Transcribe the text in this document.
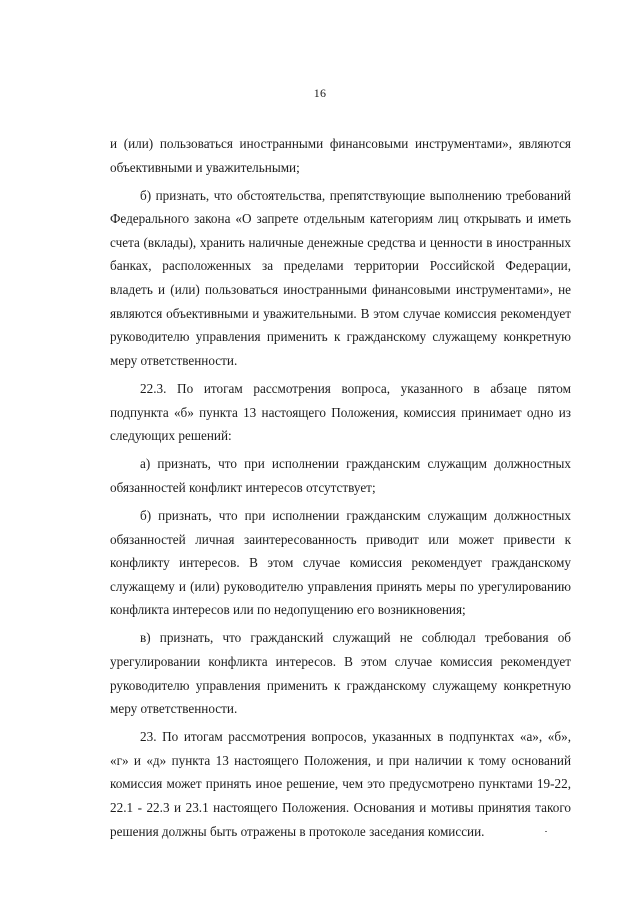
16

и (или) пользоваться иностранными финансовыми инструментами», являются объективными и уважительными;

б) признать, что обстоятельства, препятствующие выполнению требований Федерального закона «О запрете отдельным категориям лиц открывать и иметь счета (вклады), хранить наличные денежные средства и ценности в иностранных банках, расположенных за пределами территории Российской Федерации, владеть и (или) пользоваться иностранными финансовыми инструментами», не являются объективными и уважительными. В этом случае комиссия рекомендует руководителю управления применить к гражданскому служащему конкретную меру ответственности.

22.3. По итогам рассмотрения вопроса, указанного в абзаце пятом подпункта «б» пункта 13 настоящего Положения, комиссия принимает одно из следующих решений:

а) признать, что при исполнении гражданским служащим должностных обязанностей конфликт интересов отсутствует;

б) признать, что при исполнении гражданским служащим должностных обязанностей личная заинтересованность приводит или может привести к конфликту интересов. В этом случае комиссия рекомендует гражданскому служащему и (или) руководителю управления принять меры по урегулированию конфликта интересов или по недопущению его возникновения;

в) признать, что гражданский служащий не соблюдал требования об урегулировании конфликта интересов. В этом случае комиссия рекомендует руководителю управления применить к гражданскому служащему конкретную меру ответственности.

23. По итогам рассмотрения вопросов, указанных в подпунктах «а», «б», «г» и «д» пункта 13 настоящего Положения, и при наличии к тому оснований комиссия может принять иное решение, чем это предусмотрено пунктами 19-22, 22.1 - 22.3 и 23.1 настоящего Положения. Основания и мотивы принятия такого решения должны быть отражены в протоколе заседания комиссии.
